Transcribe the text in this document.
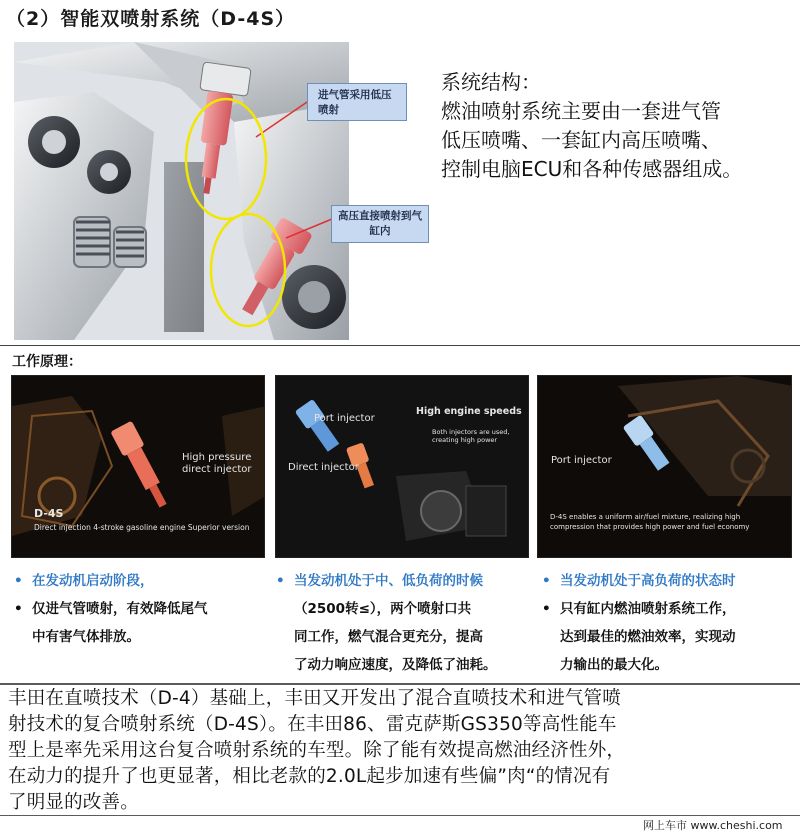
（2）智能双喷射系统（D-4S）
进气管采用低压喷射
高压直接喷射到气缸内
系统结构：
燃油喷射系统主要由一套进气管
低压喷嘴、一套缸内高压喷嘴、
控制电脑ECU和各种传感器组成。
工作原理：
High pressure
direct injector
D-4S
Direct injection 4-stroke gasoline engine Superior version
Port injector
High engine speeds
Both injectors are used,
creating high power
Direct injector
Port injector
D-4S enables a uniform air/fuel mixture, realizing high
compression that provides high power and fuel economy
• 在发动机启动阶段，
• 仅进气管喷射，有效降低尾气
中有害气体排放。
• 当发动机处于中、低负荷的时候
（2500转≤），两个喷射口共
同工作，燃气混合更充分，提高
了动力响应速度，及降低了油耗。
• 当发动机处于高负荷的状态时
• 只有缸内燃油喷射系统工作，
达到最佳的燃油效率，实现动
力输出的最大化。
丰田在直喷技术（D-4）基础上，丰田又开发出了混合直喷技术和进气管喷
射技术的复合喷射系统（D-4S）。在丰田86、雷克萨斯GS350等高性能车
型上是率先采用这台复合喷射系统的车型。除了能有效提高燃油经济性外，
在动力的提升了也更显著，相比老款的2.0L起步加速有些偏”肉“的情况有
了明显的改善。
网上车市 www.cheshi.com
